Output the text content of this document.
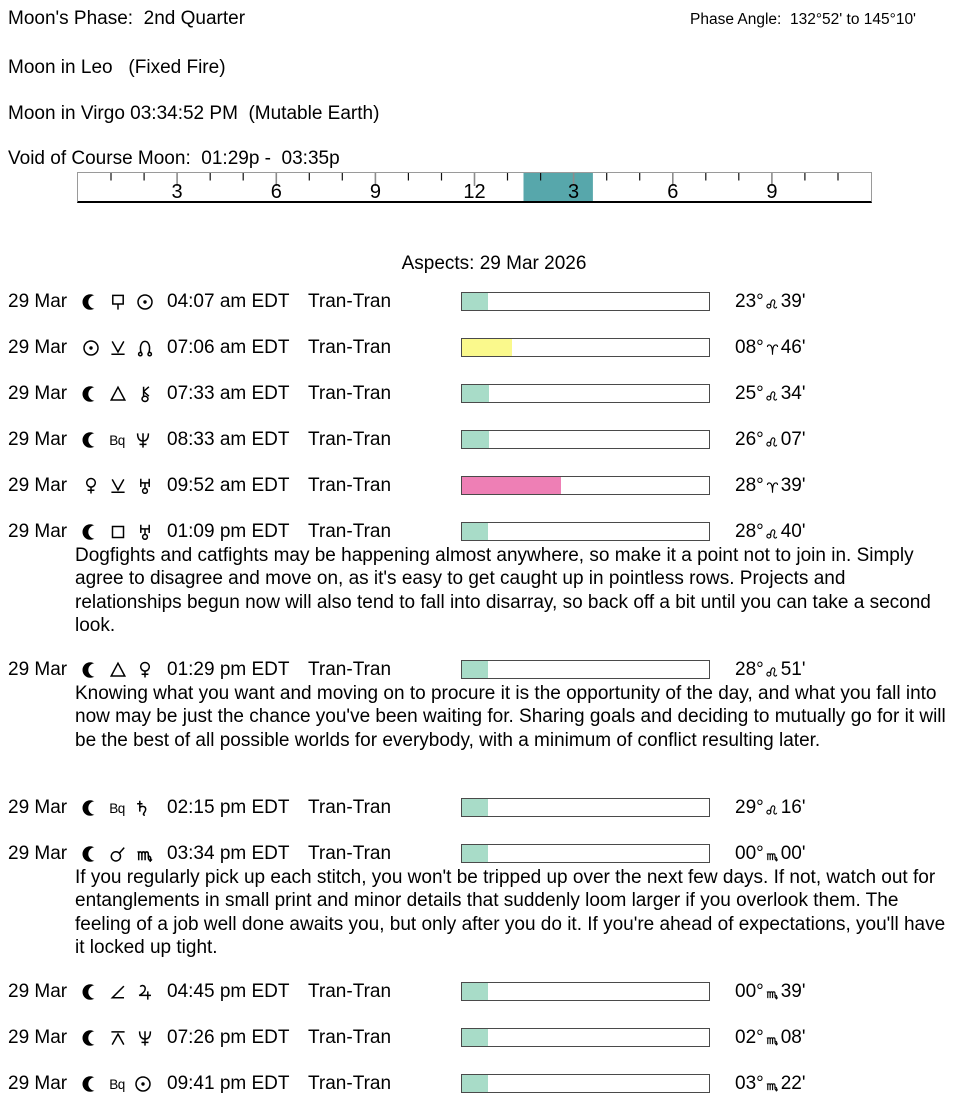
Moon's Phase:  2nd Quarter	Phase Angle:  132°52' to 145°10'
Moon in Leo   (Fixed Fire)
Moon in Virgo 03:34:52 PM  (Mutable Earth)
Void of Course Moon:  01:29p -  03:35p
3	6	9	12	3	6	9
Aspects: 29 Mar 2026
29 Mar	04:07 am EDT Tran-Tran	23° 39'
29 Mar	07:06 am EDT Tran-Tran	08° 46'
29 Mar	07:33 am EDT Tran-Tran	25° 34'
29 Mar	Bq 08:33 am EDT Tran-Tran	26° 07'
29 Mar	09:52 am EDT Tran-Tran	28° 39'
29 Mar	01:09 pm EDT Tran-Tran	28° 40'
Dogfights and catfights may be happening almost anywhere, so make it a point not to join in. Simply agree to disagree and move on, as it's easy to get caught up in pointless rows. Projects and relationships begun now will also tend to fall into disarray, so back off a bit until you can take a second look.
29 Mar	01:29 pm EDT Tran-Tran	28° 51'
Knowing what you want and moving on to procure it is the opportunity of the day, and what you fall into now may be just the chance you've been waiting for. Sharing goals and deciding to mutually go for it will be the best of all possible worlds for everybody, with a minimum of conflict resulting later.
29 Mar	Bq 02:15 pm EDT Tran-Tran	29° 16'
29 Mar	03:34 pm EDT Tran-Tran	00° 00'
If you regularly pick up each stitch, you won't be tripped up over the next few days. If not, watch out for entanglements in small print and minor details that suddenly loom larger if you overlook them. The feeling of a job well done awaits you, but only after you do it. If you're ahead of expectations, you'll have it locked up tight.
29 Mar	04:45 pm EDT Tran-Tran	00° 39'
29 Mar	07:26 pm EDT Tran-Tran	02° 08'
29 Mar	Bq 09:41 pm EDT Tran-Tran	03° 22'
